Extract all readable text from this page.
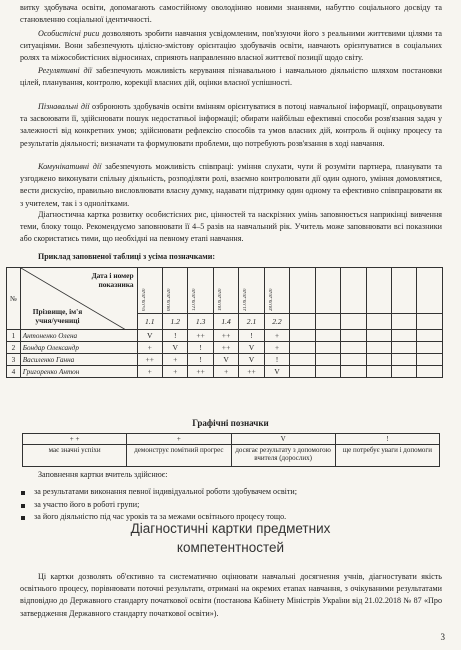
витку здобувача освіти, допомагають самостійному оволодінню новими знаннями, набуттю соціального досвіду та становленню соціальної ідентичності.

Особистісні риси дозволяють зробити навчання усвідомленим, пов'язуючи його з реальними життєвими цілями та ситуаціями. Вони забезпечують цілісно-змістову орієнтацію здобувачів освіти, навчають орієнтуватися в соціальних ролях та міжособистісних відносинах, сприяють направленню власної життєвої позиції щодо світу.

Регулятивні дії забезпечують можливість керування пізнавальною і навчальною діяльністю шляхом постановки цілей, планування, контролю, корекції власних дій, оцінки власної успішності.

Пізнавальні дії озброюють здобувачів освіти вмінням орієнтуватися в потоці навчальної інформації, опрацьовувати та засвоювати її, здійснювати пошук недостатньої інформації; обирати найбільш ефективні способи розв'язання задач у залежності від конкретних умов; здійснювати рефлексію способів та умов власних дій, контроль й оцінку процесу та результатів діяльності; визначати та формулювати проблеми, що потребують розв'язання в ході навчання.

Комунікативні дії забезпечують можливість співпраці: уміння слухати, чути й розуміти партнера, планувати та узгоджено виконувати спільну діяльність, розподіляти ролі, взаємно контролювати дії один одного, уміння домовлятися, вести дискусію, правильно висловлювати власну думку, надавати підтримку один одному та ефективно співпрацювати як з учителем, так і з однолітками.

Діагностична картка розвитку особистісних рис, цінностей та наскрізних умінь заповнюється наприкінці вивчення теми, блоку тощо. Рекомендуємо заповнювати її 4–5 разів на навчальний рік. Учитель може заповнювати всі показники або скористатись тими, що необхідні на певному етапі навчання.

Приклад заповненої таблиці з усіма позначками:
№	Дата і номер
показника
Прізвище, ім'я
учня/учениці	05.09.2020	08.09.2020	12.09.2020	18.09.2020	21.09.2020	28.09.2020						

		1.1	1.2	1.3	1.4	2.1	2.2						
1	Антоненко Олена	V	!	++	++	!	+						
2	Бондар Олександр	+	V	!	++	V	+						
3	Василенко Ганна	++	+	!	V	V	!						
4	Григоренко Антон	+	+	++	+	++	V						
Графічні позначки
+ +	+	V	!
має значні успіхи	демонструє помітний прогрес	досягає результату з допомогою вчителя (дорослих)	ще потребує уваги і допомоги

Заповнення картки вчитель здійснює:

за результатами виконання певної індивідуальної роботи здобувачем освіти;
за участю його в роботі групи;
за його діяльністю під час уроків та за межами освітнього процесу тощо.
Діагностичні картки предметних
компетентностей

Ці картки дозволять об'єктивно та систематично оцінювати навчальні досягнення учнів, діагностувати якість освітнього процесу, порівнювати поточні результати, отримані на окремих етапах навчання, з очікуваними результатами відповідно до Державного стандарту початкової освіти (постанова Кабінету Міністрів України від 21.02.2018 № 87 «Про затвердження Державного стандарту початкової освіти»).

3
